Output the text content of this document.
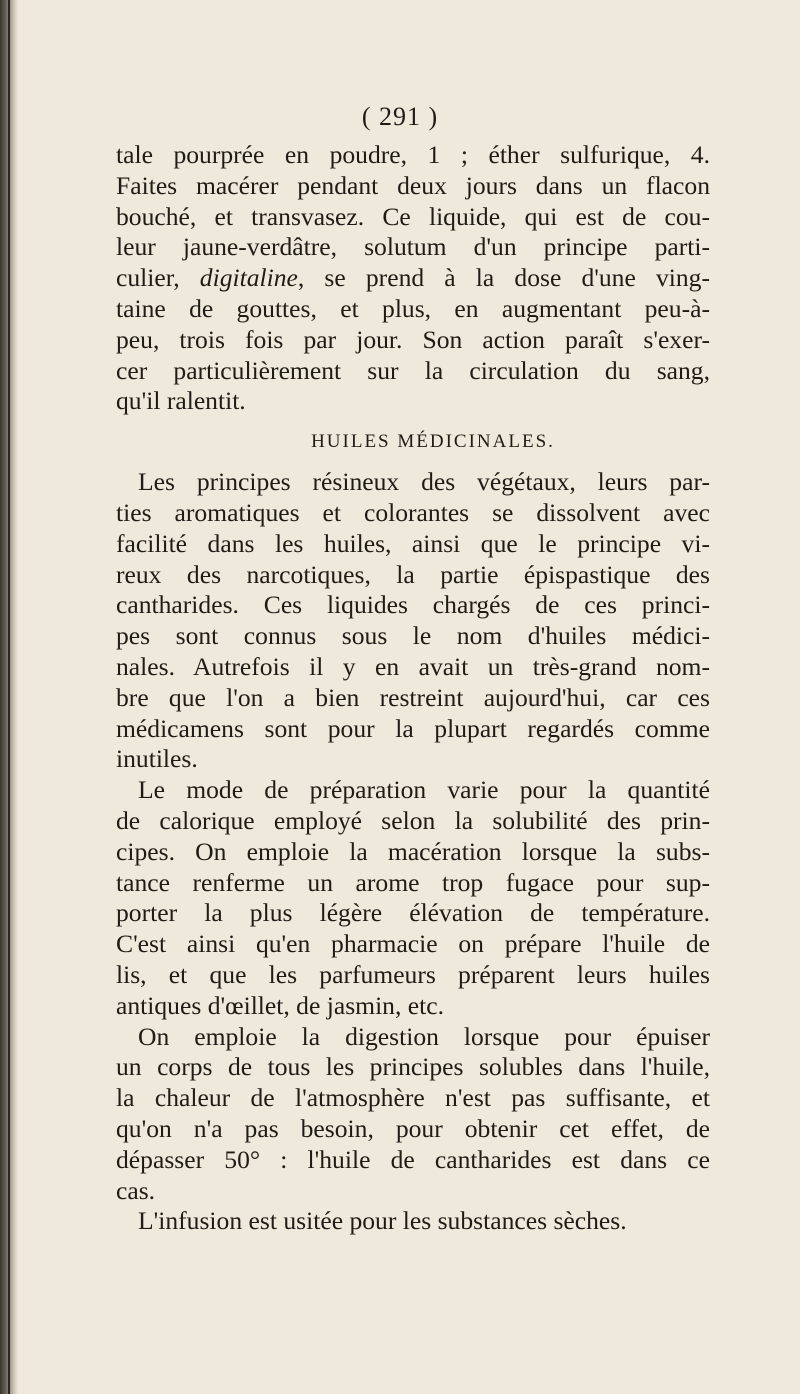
( 291 )
tale pourprée en poudre, 1 ; éther sulfurique, 4.
Faites macérer pendant deux jours dans un flacon
bouché, et transvasez. Ce liquide, qui est de cou-
leur jaune-verdâtre, solutum d'un principe parti-
culier, digitaline, se prend à la dose d'une ving-
taine de gouttes, et plus, en augmentant peu-à-
peu, trois fois par jour. Son action paraît s'exer-
cer particulièrement sur la circulation du sang,
qu'il ralentit.
HUILES MÉDICINALES.
Les principes résineux des végétaux, leurs par-
ties aromatiques et colorantes se dissolvent avec
facilité dans les huiles, ainsi que le principe vi-
reux des narcotiques, la partie épispastique des
cantharides. Ces liquides chargés de ces princi-
pes sont connus sous le nom d'huiles médici-
nales. Autrefois il y en avait un très-grand nom-
bre que l'on a bien restreint aujourd'hui, car ces
médicamens sont pour la plupart regardés comme
inutiles.
Le mode de préparation varie pour la quantité
de calorique employé selon la solubilité des prin-
cipes. On emploie la macération lorsque la subs-
tance renferme un arome trop fugace pour sup-
porter la plus légère élévation de température.
C'est ainsi qu'en pharmacie on prépare l'huile de
lis, et que les parfumeurs préparent leurs huiles
antiques d'œillet, de jasmin, etc.
On emploie la digestion lorsque pour épuiser
un corps de tous les principes solubles dans l'huile,
la chaleur de l'atmosphère n'est pas suffisante, et
qu'on n'a pas besoin, pour obtenir cet effet, de
dépasser 50° : l'huile de cantharides est dans ce
cas.
L'infusion est usitée pour les substances sèches.
